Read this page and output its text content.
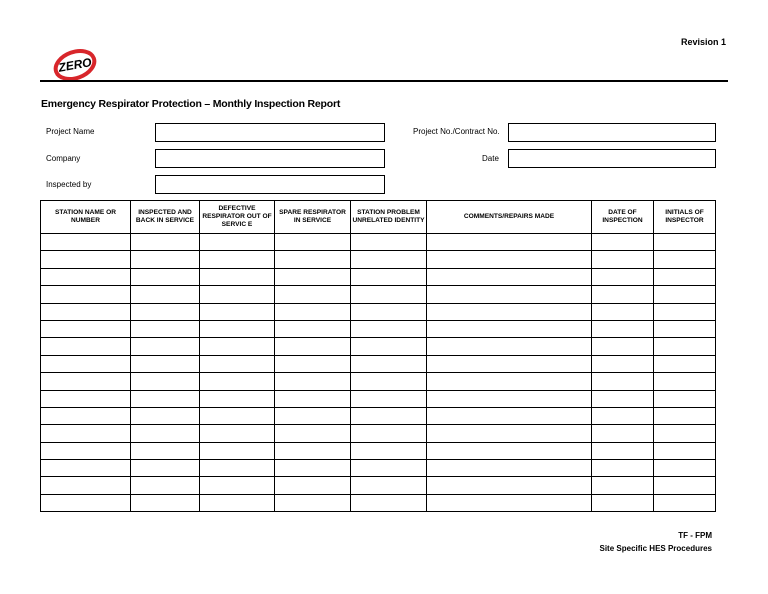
Revision 1
ZERO
Emergency Respirator Protection – Monthly Inspection Report
Project Name	Project No./Contract No.
Company	Date
Inspected by
STATION NAME OR NUMBER	INSPECTED AND BACK IN SERVICE	DEFECTIVE RESPIRATOR OUT OF SERVIC E	SPARE RESPIRATOR IN SERVICE	STATION PROBLEM UNRELATED IDENTITY	COMMENTS/REPAIRS MADE	DATE OF INSPECTION	INITIALS OF INSPECTOR

TF - FPM
Site Specific HES Procedures
